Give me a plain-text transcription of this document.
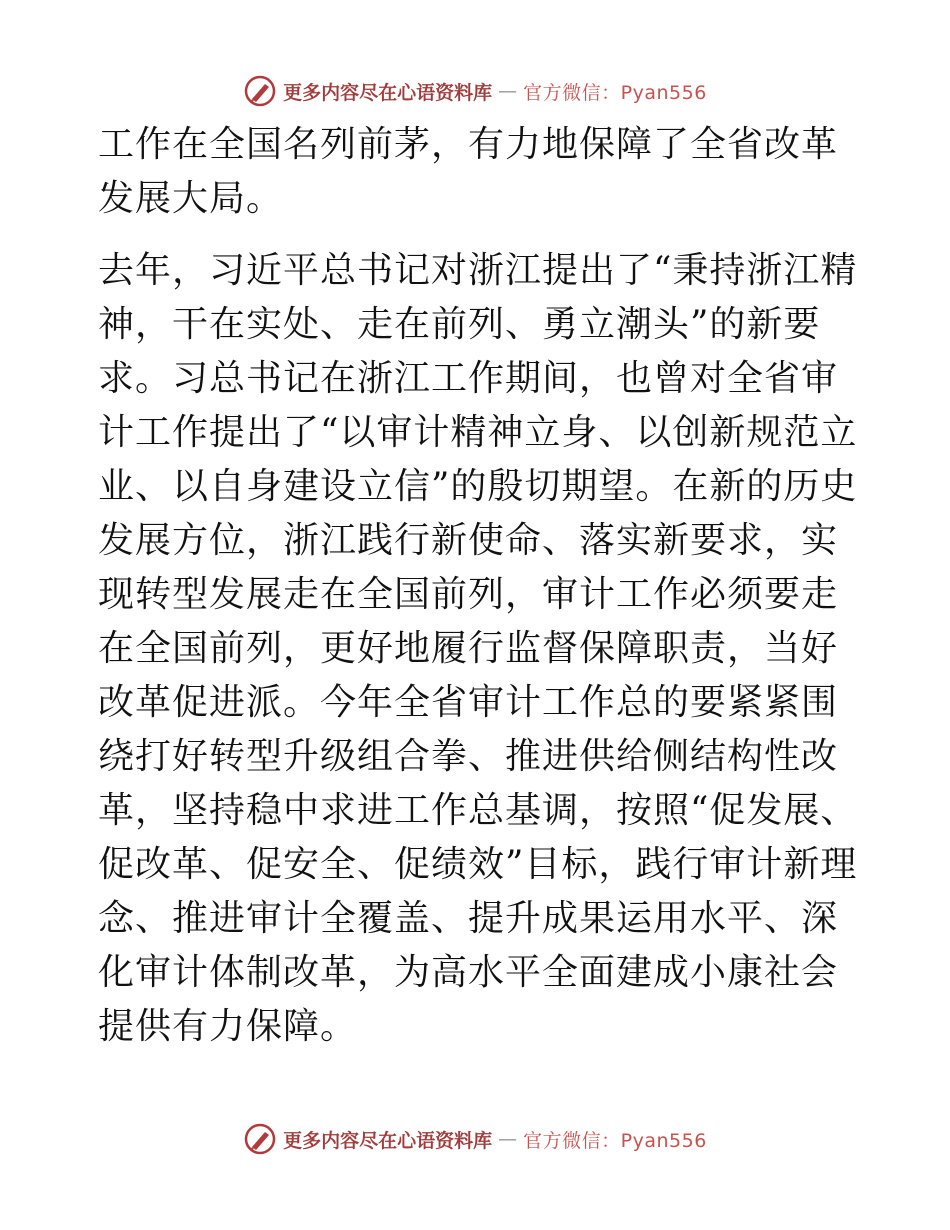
更多内容尽在心语资料库 — 官方微信：Pyan556

工作在全国名列前茅，有力地保障了全省改革发展大局。

去年，习近平总书记对浙江提出了“秉持浙江精神，干在实处、走在前列、勇立潮头”的新要求。习总书记在浙江工作期间，也曾对全省审计工作提出了“以审计精神立身、以创新规范立业、以自身建设立信”的殷切期望。在新的历史发展方位，浙江践行新使命、落实新要求，实现转型发展走在全国前列，审计工作必须要走在全国前列，更好地履行监督保障职责，当好改革促进派。今年全省审计工作总的要紧紧围绕打好转型升级组合拳、推进供给侧结构性改革，坚持稳中求进工作总基调，按照“促发展、促改革、促安全、促绩效”目标，践行审计新理念、推进审计全覆盖、提升成果运用水平、深化审计体制改革，为高水平全面建成小康社会提供有力保障。

更多内容尽在心语资料库 — 官方微信：Pyan556
